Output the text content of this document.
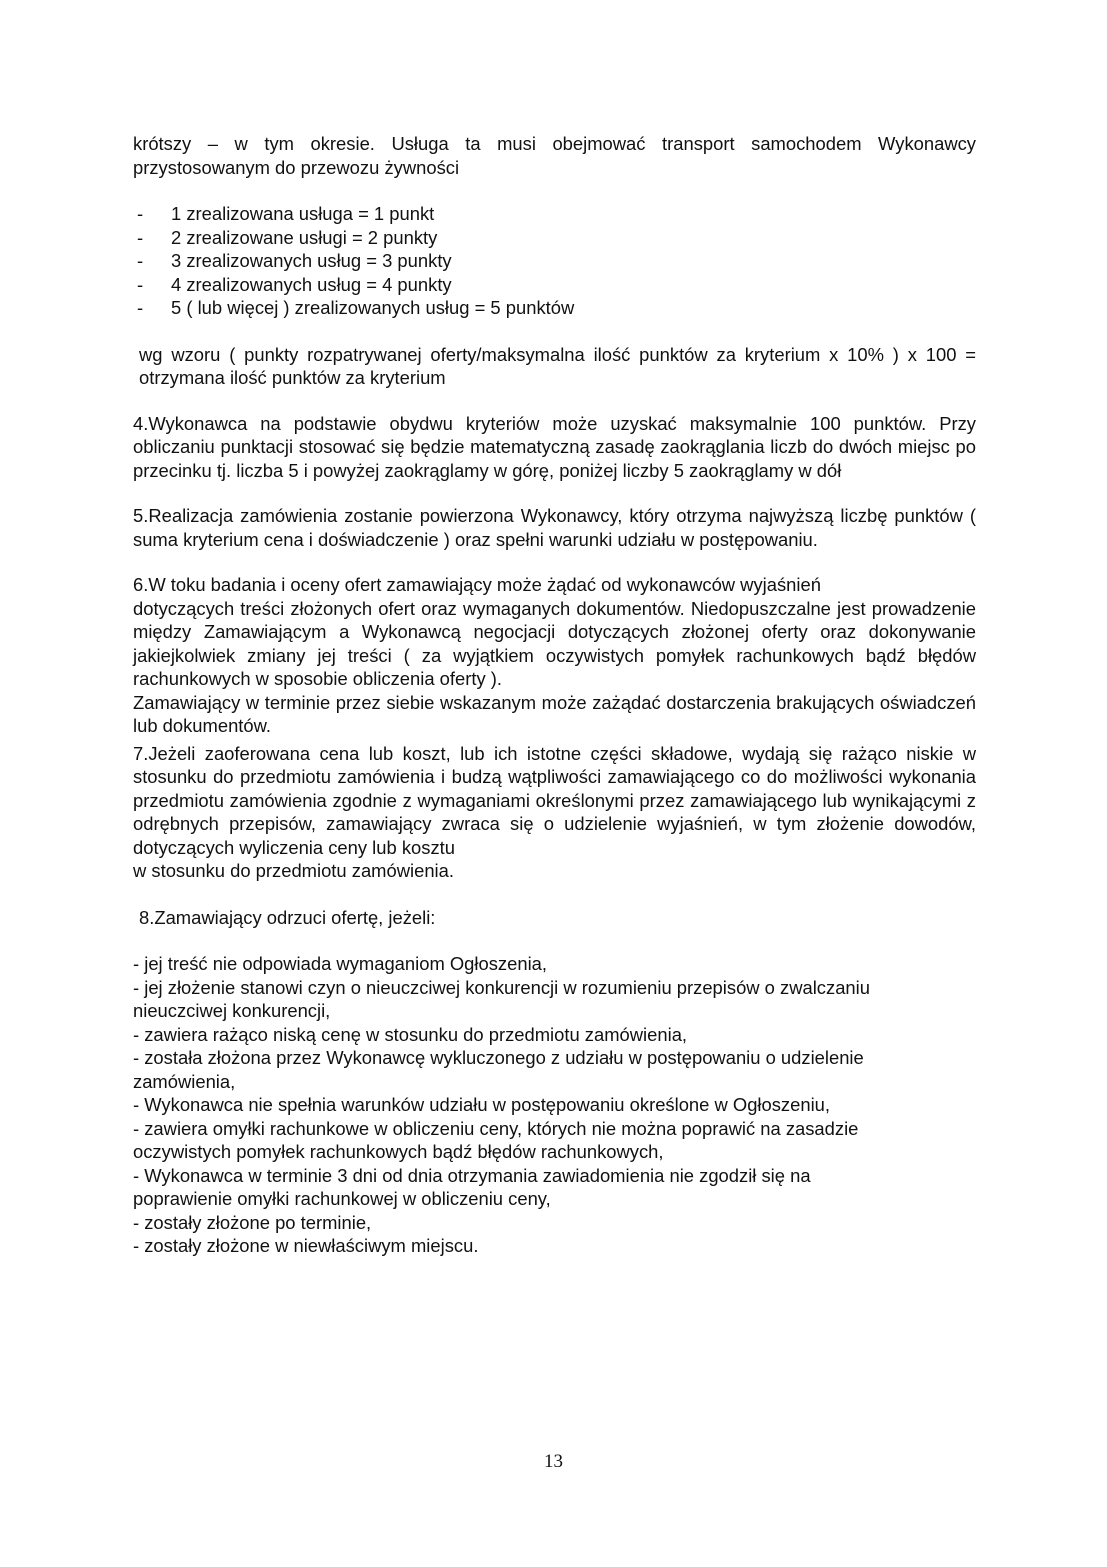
krótszy – w tym okresie. Usługa ta musi obejmować transport samochodem Wykonawcy przystosowanym do przewozu żywności

- 1 zrealizowana usługa = 1 punkt
- 2 zrealizowane usługi = 2 punkty
- 3 zrealizowanych usług = 3 punkty
- 4 zrealizowanych usług = 4 punkty
- 5 ( lub więcej ) zrealizowanych usług = 5 punktów

wg wzoru ( punkty rozpatrywanej oferty/maksymalna ilość punktów za kryterium x 10% ) x 100 = otrzymana ilość punktów za kryterium

4.Wykonawca na podstawie obydwu kryteriów może uzyskać maksymalnie 100 punktów. Przy obliczaniu punktacji stosować się będzie matematyczną zasadę zaokrąglania liczb do dwóch miejsc po przecinku tj. liczba 5 i powyżej zaokrąglamy w górę, poniżej liczby 5 zaokrąglamy w dół

5.Realizacja zamówienia zostanie powierzona Wykonawcy, który otrzyma najwyższą liczbę punktów ( suma kryterium cena i doświadczenie ) oraz spełni warunki udziału w postępowaniu.

6.W toku badania i oceny ofert zamawiający może żądać od wykonawców wyjaśnień

dotyczących treści złożonych ofert oraz wymaganych dokumentów. Niedopuszczalne jest prowadzenie między Zamawiającym a Wykonawcą negocjacji dotyczących złożonej oferty oraz dokonywanie jakiejkolwiek zmiany jej treści ( za wyjątkiem oczywistych pomyłek rachunkowych bądź błędów rachunkowych w sposobie obliczenia oferty ).

Zamawiający w terminie przez siebie wskazanym może zażądać dostarczenia brakujących oświadczeń lub dokumentów.

7.Jeżeli zaoferowana cena lub koszt, lub ich istotne części składowe, wydają się rażąco niskie w stosunku do przedmiotu zamówienia i budzą wątpliwości zamawiającego co do możliwości wykonania przedmiotu zamówienia zgodnie z wymaganiami określonymi przez zamawiającego lub wynikającymi z odrębnych przepisów, zamawiający zwraca się o udzielenie wyjaśnień, w tym złożenie dowodów, dotyczących wyliczenia ceny lub kosztu

w stosunku do przedmiotu zamówienia.

8.Zamawiający odrzuci ofertę, jeżeli:

- jej treść nie odpowiada wymaganiom Ogłoszenia,

- jej złożenie stanowi czyn o nieuczciwej konkurencji w rozumieniu przepisów o zwalczaniu

nieuczciwej konkurencji,

- zawiera rażąco niską cenę w stosunku do przedmiotu zamówienia,

- została złożona przez Wykonawcę wykluczonego z udziału w postępowaniu o udzielenie

zamówienia,

- Wykonawca nie spełnia warunków udziału w postępowaniu określone w Ogłoszeniu,

- zawiera omyłki rachunkowe w obliczeniu ceny, których nie można poprawić na zasadzie

oczywistych pomyłek rachunkowych bądź błędów rachunkowych,

- Wykonawca w terminie 3 dni od dnia otrzymania zawiadomienia nie zgodził się na

poprawienie omyłki rachunkowej w obliczeniu ceny,

- zostały złożone po terminie,

- zostały złożone w niewłaściwym miejscu.

13
